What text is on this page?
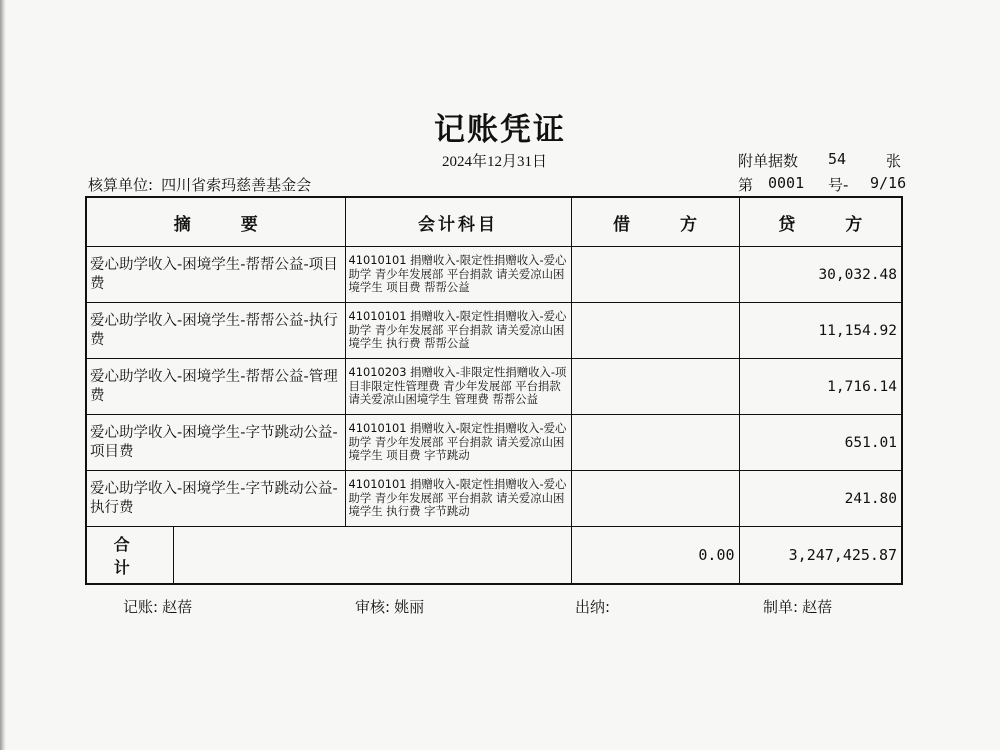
记账凭证
2024年12月31日	附单据数 54	张
核算单位: 四川省索玛慈善基金会	第 0001 号- 9/16
摘 要		会计科目	借 方	贷 方
爱心助学收入-困境学生-帮帮公益-项目费		41010101 捐赠收入-限定性捐赠收入-爱心助学 青少年发展部 平台捐款 请关爱凉山困境学生 项目费 帮帮公益		30,032.48
爱心助学收入-困境学生-帮帮公益-执行费		41010101 捐赠收入-限定性捐赠收入-爱心助学 青少年发展部 平台捐款 请关爱凉山困境学生 执行费 帮帮公益		11,154.92
爱心助学收入-困境学生-帮帮公益-管理费		41010203 捐赠收入-非限定性捐赠收入-项目非限定性管理费 青少年发展部 平台捐款 请关爱凉山困境学生 管理费 帮帮公益		1,716.14
爱心助学收入-困境学生-字节跳动公益-项目费		41010101 捐赠收入-限定性捐赠收入-爱心助学 青少年发展部 平台捐款 请关爱凉山困境学生 项目费 字节跳动		651.01
爱心助学收入-困境学生-字节跳动公益-执行费		41010101 捐赠收入-限定性捐赠收入-爱心助学 青少年发展部 平台捐款 请关爱凉山困境学生 执行费 字节跳动		241.80
合 计			0.00	3,247,425.87
记账: 赵蓓	审核: 姚丽	出纳:	制单: 赵蓓
